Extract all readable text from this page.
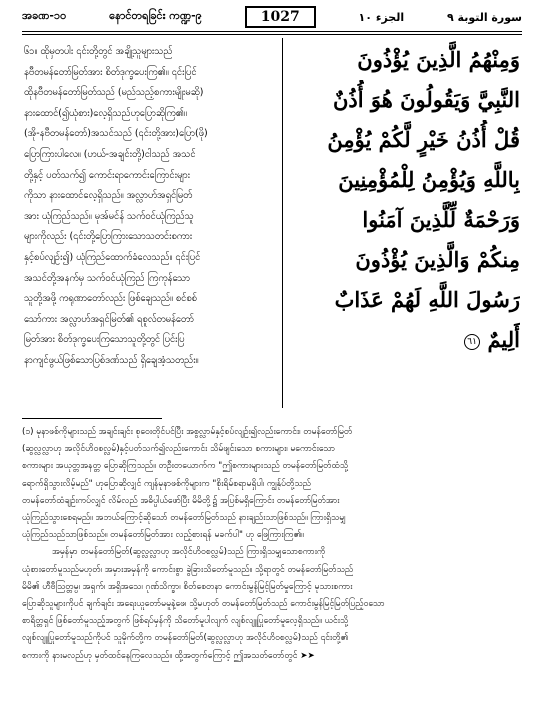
အခဏ-၁၀	နောင်တရခြင်း ကဏ္ဍ-၉	1027	الجزء ١٠	سورة التوبة ٩
၆၁။ ထိုမှတပါး ၎င်းတို့တွင် အချို့သူများသည်
နဗီတမန်တော်မြတ်အား စိတ်ဒုက္ခပေးကြ၏။ ၎င်းပြင်
ထိုနဗီတမန်တော်မြတ်သည် (မည်သည့်စကားမျိုးမဆို)
နားထောင်(၍ယုံစား)လေ့ရှိသည်ဟုပြောဆိုကြ၏။
(အို-နဗီတမန်တော်)အသင်သည် (၎င်းတို့အား)ပြော(ဖို)
ပြောကြားပါလေ။ (ဟယ်-အချင်းတို့)ငါသည် အသင်
တို့နှင့် ပတ်သက်၍ ကောင်းရာကောင်းကြောင်းများ
ကိုသာ နားထောင်လေ့ရှိသည်။ အလ္လာဟ်အရှင်မြတ်
အား ယုံကြည်သည်။ မုအ်မင်န် သက်ဝင်ယုံကြည်သူ
များကိုလည်း (၎င်းတို့ပြောကြားသောသတင်းစကား
နှင့်စပ်လျဉ်း၍) ယုံကြည်ထောက်ခံလေသည်။ ၎င်းပြင်
အသင်တို့အနက်မှ သက်ဝင်ယုံကြည် ကြကုန်သော
သူတို့အဖို့ ကရုဏာတော်လည်း ဖြစ်ချေသည်။ စင်စစ်
သော်ကား အလ္လာဟ်အရှင်မြတ်၏ ရစူလ်တမန်တော်
မြတ်အား စိတ်ဒုက္ခပေးကြသောသူတို့တွင် ပြင်းပြ
နာကျင်ဖွယ်ဖြစ်သောပြစ်ဒဏ်သည် ရှိချေအံ့သတည်း။
وَمِنْهُمُ الَّذِينَ يُؤْذُونَ
النَّبِيَّ وَيَقُولُونَ هُوَ أُذُنٌ
قُلْ أُذُنُ خَيْرٍ لَّكُمْ يُؤْمِنُ
بِاللَّهِ وَيُؤْمِنُ لِلْمُؤْمِنِينَ
وَرَحْمَةٌ لِّلَّذِينَ آمَنُوا
مِنكُمْ وَالَّذِينَ يُؤْذُونَ
رَسُولَ اللَّهِ لَهُمْ عَذَابٌ
أَلِيمٌ ٦١
(၁) မုနာဖစ်ကိုများသည် အချင်းချင်း စုဝေးတိုင်ပင်ပြီး အစွလ္လာမ်နှင့်စပ်လျဉ်း၍လည်းကောင်း၊ တမန်တော်မြတ်
(ဆွလ္လလ္လာဟု အလိုင်ဟိဝစလ္လမ်)နှင့်ပတ်သက်၍လည်းကောင်း သိမ်ဖျင်းသော စကားများ၊ မကောင်းသော
စကားများ အယုတ္တအနတ္တ ပြောဆိုကြသည်။ တဦးတယောက်က "ဤစကားများသည် တမန်တော်မြတ်ထံသို့
ရောက်ရှိသွားလိမ့်မည်" ဟုပြောဆိုလျှင် ကျန်မုနာဖစ်ကိုများက "စိုးရိမ်စရာမရှိပါ၊ ကျွန်ုပ်တို့သည်
တမန်တော်ထံချဉ်းကပ်လျှင် လိမ်လည် အဓိပ္ပါယ်ဖော်ပြီး မိမိတို့၌ အပြစ်မရှိကြောင်း တမန်တော်မြတ်အား
ယုံကြည်သွားစေရမည်။ အဘယ်ကြောင့်ဆိုသော် တမန်တော်မြတ်သည် နားချည်းသာဖြစ်သည်။ ကြားရှိသမျှ
ယုံကြည်သည်သာဖြစ်သည်။ တမန်တော်မြတ်အား လည့်စားရန် မခက်ပါ" ဟု ဖြေကြားကြ၏။
အမှန်မှာ တမန်တော်မြတ်(ဆွလ္လလ္လာဟု အလိုင်ဟိဝစလ္လမ်)သည် ကြားရှိသမျှသောစကားကို
ယုံစားတော်မူသည်မဟုတ်၊ အမှားအမှန်ကို ကောင်းစွာ ခွဲခြားသိတော်မူသည်။ သို့ရာတွင် တမန်တော်မြတ်သည်
မိမိ၏ ဟီဗီသြတ္တမ္ပ၊ အရှက်၊ အရှိအသေ၊ ဂုဏ်သိက္ခာ၊ စိတ်စေတနာ ကောင်းမွန်မြင့်မြတ်မှုကြောင့် မုသားစကား
ပြောဆိုသူများကိုပင် ချက်ချင်း အရေးယူတော်မမူနဲ့ဖေ၊ သို့မဟုတ် တမန်တော်မြတ်သည် ကောင်းမွန်မြင့်မြတ်ပြည့်ဝသော
စာရိတ္တရှင် ဖြစ်တော်မူသည့်အတွက် ဖြစ်ရပ်မှန်ကို သိတော်မူပါလျက် လျစ်လျူပြုတော်မူလေ့ရှိသည်။ ယင်းသို့
လျစ်လျူပြုတော်မူသည်ကိုပင် သူမိုက်တို့က တမန်တော်မြတ်(ဆွလ္လလ္လာဟု အလိုင်ဟိဝစလ္လမ်)သည် ၎င်းတို့၏
စကားကို နားမလည်ဟု မှတ်ထင်နေကြလေသည်။ ထို့အတွက်ကြောင့် ဤအသတ်တော်တွင် ➤➤
